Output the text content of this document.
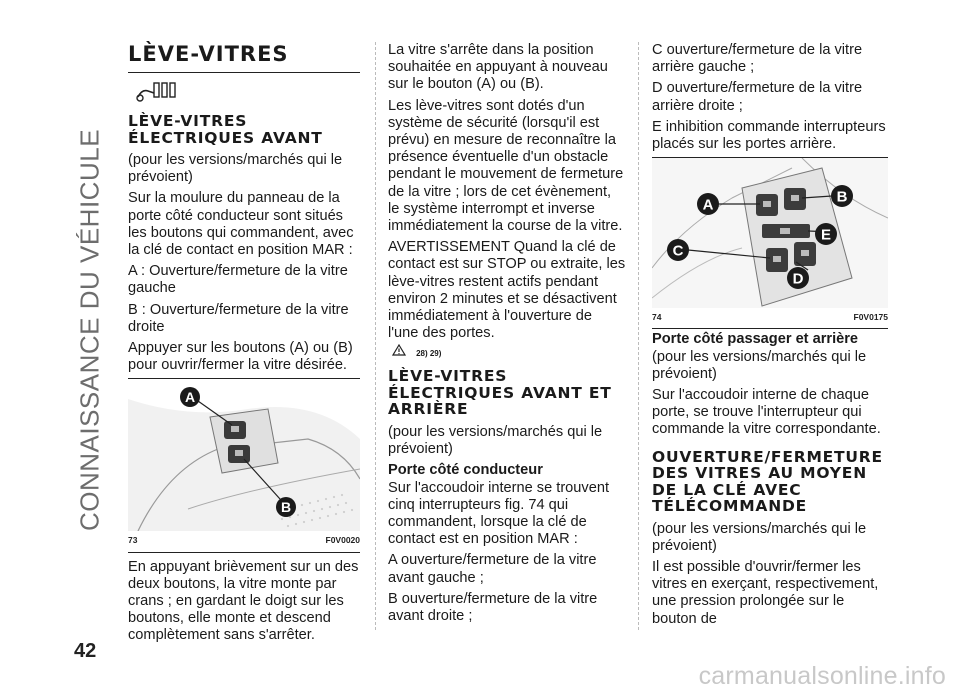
CONNAISSANCE DU VÉHICULE
42
carmanualsonline.info
LÈVE-VITRES
LÈVE-VITRES ÉLECTRIQUES AVANT

(pour les versions/marchés qui le prévoient)

Sur la moulure du panneau de la porte côté conducteur sont situés les boutons qui commandent, avec la clé de contact en position MAR :

A : Ouverture/fermeture de la vitre gauche

B : Ouverture/fermeture de la vitre droite

Appuyer sur les boutons (A) ou (B) pour ouvrir/fermer la vitre désirée.

A
B
73	F0V0020

En appuyant brièvement sur un des deux boutons, la vitre monte par crans ; en gardant le doigt sur les boutons, elle monte et descend complètement sans s'arrêter.

La vitre s'arrête dans la position souhaitée en appuyant à nouveau sur le bouton (A) ou (B).

Les lève-vitres sont dotés d'un système de sécurité (lorsqu'il est prévu) en mesure de reconnaître la présence éventuelle d'un obstacle pendant le mouvement de fermeture de la vitre ; lors de cet évènement, le système interrompt et inverse immédiatement la course de la vitre.

AVERTISSEMENT Quand la clé de contact est sur STOP ou extraite, les lève-vitres restent actifs pendant environ 2 minutes et se désactivent immédiatement à l'ouverture de l'une des portes.

28) 29)
LÈVE-VITRES ÉLECTRIQUES AVANT ET ARRIÈRE

(pour les versions/marchés qui le prévoient)

Porte côté conducteur

Sur l'accoudoir interne se trouvent cinq interrupteurs fig. 74 qui commandent, lorsque la clé de contact est en position MAR :

A ouverture/fermeture de la vitre avant gauche ;

B ouverture/fermeture de la vitre avant droite ;

C ouverture/fermeture de la vitre arrière gauche ;

D ouverture/fermeture de la vitre arrière droite ;

E inhibition commande interrupteurs placés sur les portes arrière.

A	B
E
C
D
74	F0V0175
Porte côté passager et arrière

(pour les versions/marchés qui le prévoient)

Sur l'accoudoir interne de chaque porte, se trouve l'interrupteur qui commande la vitre correspondante.

OUVERTURE/FERMETURE DES VITRES AU MOYEN DE LA CLÉ AVEC TÉLÉCOMMANDE

(pour les versions/marchés qui le prévoient)

Il est possible d'ouvrir/fermer les vitres en exerçant, respectivement, une pression prolongée sur le bouton de
